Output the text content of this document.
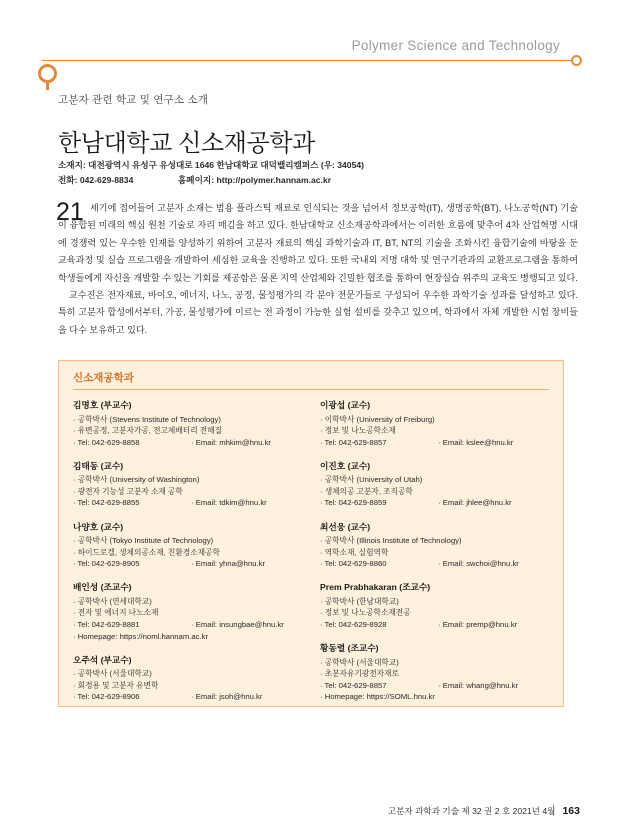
Polymer Science and Technology
고분자 관련 학교 및 연구소 소개
한남대학교 신소재공학과
소재지: 대전광역시 유성구 유성대로 1646 한남대학교 대덕밸리캠퍼스 (우: 34054)
전화: 042-629-8834	홈페이지: http://polymer.hannam.ac.kr
21 세기에 접어들어 고분자 소재는 범용 플라스틱 재료로 인식되는 것을 넘어서 정보공학(IT), 생명공학(BT), 나노공학(NT) 기술이 융합된 미래의 핵심 원천 기술로 자리 매김을 하고 있다. 한남대학교 신소재공학과에서는 이러한 흐름에 맞추어 4차 산업혁명 시대에 경쟁력 있는 우수한 인재를 양성하기 위하여 고분자 재료의 핵심 과학기술과 IT, BT, NT의 기술을 조화시킨 융합기술에 바탕을 둔 교육과정 및 실습 프로그램을 개발하여 세심한 교육을 진행하고 있다. 또한 국내외 저명 대학 및 연구기관과의 교환프로그램을 통하여 학생들에게 자신을 개발할 수 있는 기회를 제공함은 물론 지역 산업체와 긴밀한 협조를 통하여 현장실습 위주의 교육도 병행되고 있다.

교수진은 전자재료, 바이오, 에너지, 나노, 공정, 물성평가의 각 분야 전문가들로 구성되어 우수한 과학기술 성과를 달성하고 있다. 특히 고분자 합성에서부터, 가공, 물성평가에 이르는 전 과정이 가능한 실험 설비를 갖추고 있으며, 학과에서 자체 개발한 시험 장비들을 다수 보유하고 있다.

신소재공학과
김명호 (부교수)
· 공학박사 (Stevens Institute of Technology)
· 유변공정, 고분자가공, 전고체배터리 전해질
· Tel: 042-629-8858	· Email: mhkim@hnu.kr
김태동 (교수)
· 공학박사 (University of Washington)
· 광전자 기능성 고분자 소재 공학
· Tel: 042-629-8855	· Email: tdkim@hnu.kr
나양호 (교수)
· 공학박사 (Tokyo Institute of Technology)
· 하이드로겔, 생체의공소재, 친환경소재공학
· Tel: 042-629-8905	· Email: yhna@hnu.kr
배인성 (조교수)
· 공학박사 (연세대학교)
· 전자 및 에너지 나노소재
· Tel: 042-629-8881	· Email: insungbae@hnu.kr
· Homepage: https://noml.hannam.ac.kr
오주석 (부교수)
· 공학박사 (서울대학교)
· 회정용 및 고분자 유변학
· Tel: 042-629-8906	· Email: jsoh@hnu.kr
이광섭 (교수)
· 이학박사 (University of Freiburg)
· 정보 및 나노공학소재
· Tel: 042-629-8857	· Email: kslee@hnu.kr
이진호 (교수)
· 공학박사 (University of Utah)
· 생체의공 고분자, 조직공학
· Tel: 042-629-8859	· Email: jhlee@hnu.kr
최선웅 (교수)
· 공학박사 (Illinois Institute of Technology)
· 역학소재, 실험역학
· Tel: 042-629-8860	· Email: swchoi@hnu.kr
Prem Prabhakaran (조교수)
· 공학박사 (한남대학교)
· 정보 및 나노공학소재전공
· Tel: 042-629-8928	· Email: premp@hnu.kr
황동렬 (조교수)
· 공학박사 (서울대학교)
· 초분자유기광전자재로
· Tel: 042-629-8857	· Email: whang@hnu.kr
· Homepage: https://SOML.hnu.kr
고분자 과학과 기술 제 32 권 2 호 2021년 4월 163
